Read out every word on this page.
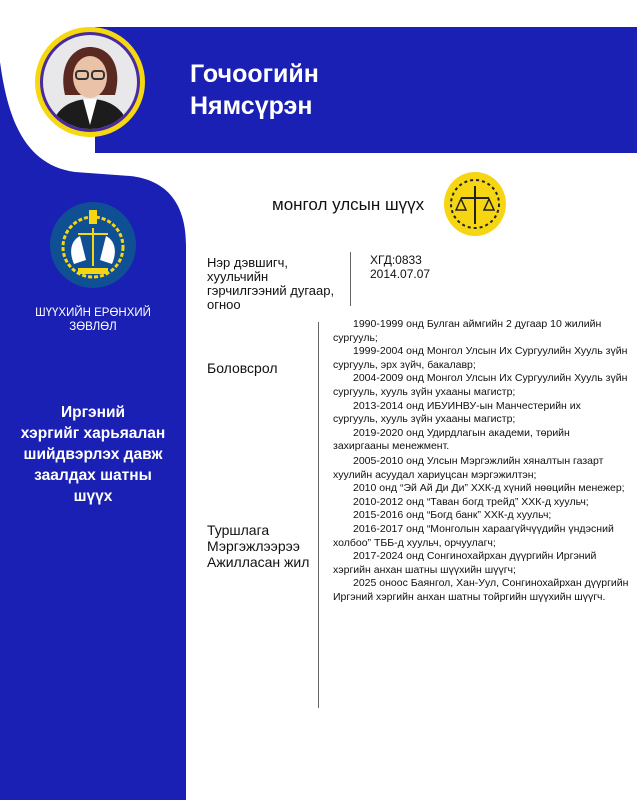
Гочоогийн
Нямсүрэн
монгол улсын шүүх
ШҮҮХИЙН ЕРӨНХИЙ
ЗӨВЛӨЛ
Иргэний
хэргийг харьяалан
шийдвэрлэх давж
заалдах шатны
шүүх
Нэр дэвшигч,
хуульчийн
гэрчилгээний дугаар,
огноо
ХГД:0833
2014.07.07
Боловсрол

1990-1999 онд Булган аймгийн 2 дугаар 10 жилийн сургууль;

1999-2004 онд Монгол Улсын Их Сургуулийн Хууль зүйн сургууль, эрх зүйч, бакалавр;

2004-2009 онд Монгол Улсын Их Сургуулийн Хууль зүйн сургууль, хууль зүйн ухааны магистр;

2013-2014 онд ИБУИНВУ-ын Манчестерийн их сургууль, хууль зүйн ухааны магистр;

2019-2020 онд Удирдлагын академи, төрийн захиргааны менежмент.

Туршлага
Мэргэжлээрээ
Ажилласан жил

2005-2010 онд Улсын Мэргэжлийн хяналтын газарт хуулийн асуудал хариуцсан мэргэжилтэн;

2010 онд “Эй Ай Ди Ди” ХХК-д хүний нөөцийн менежер;

2010-2012 онд “Таван богд трейд” ХХК-д хуульч;

2015-2016 онд “Богд банк” ХХК-д хуульч;

2016-2017 онд “Монголын хараагүйчүүдийн үндэсний холбоо” ТББ-д хуульч, орчуулагч;

2017-2024 онд Сонгинохайрхан дүүргийн Иргэний хэргийн анхан шатны шүүхийн шүүгч;

2025 оноос Баянгол, Хан-Уул, Сонгинохайрхан дүүргийн Иргэний хэргийн анхан шатны тойргийн шүүхийн шүүгч.
